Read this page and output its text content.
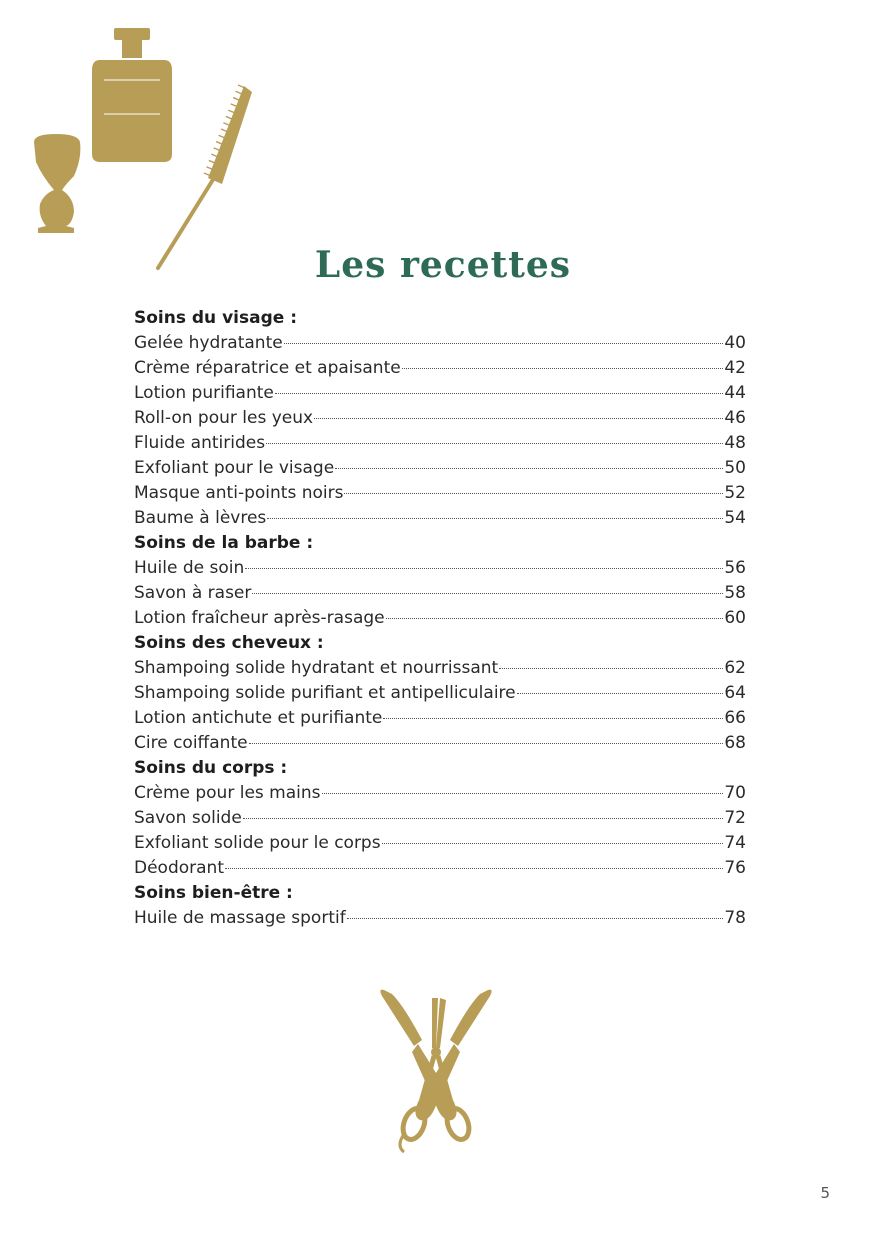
Les recettes
Soins du visage :
Gelée hydratante	40
Crème réparatrice et apaisante	42
Lotion purifiante	44
Roll-on pour les yeux	46
Fluide antirides	48
Exfoliant pour le visage	50
Masque anti-points noirs	52
Baume à lèvres	54
Soins de la barbe :
Huile de soin	56
Savon à raser	58
Lotion fraîcheur après-rasage	60
Soins des cheveux :
Shampoing solide hydratant et nourrissant	62
Shampoing solide purifiant et antipelliculaire	64
Lotion antichute et purifiante	66
Cire coiffante	68
Soins du corps :
Crème pour les mains	70
Savon solide	72
Exfoliant solide pour le corps	74
Déodorant	76
Soins bien-être :
Huile de massage sportif	78
5
